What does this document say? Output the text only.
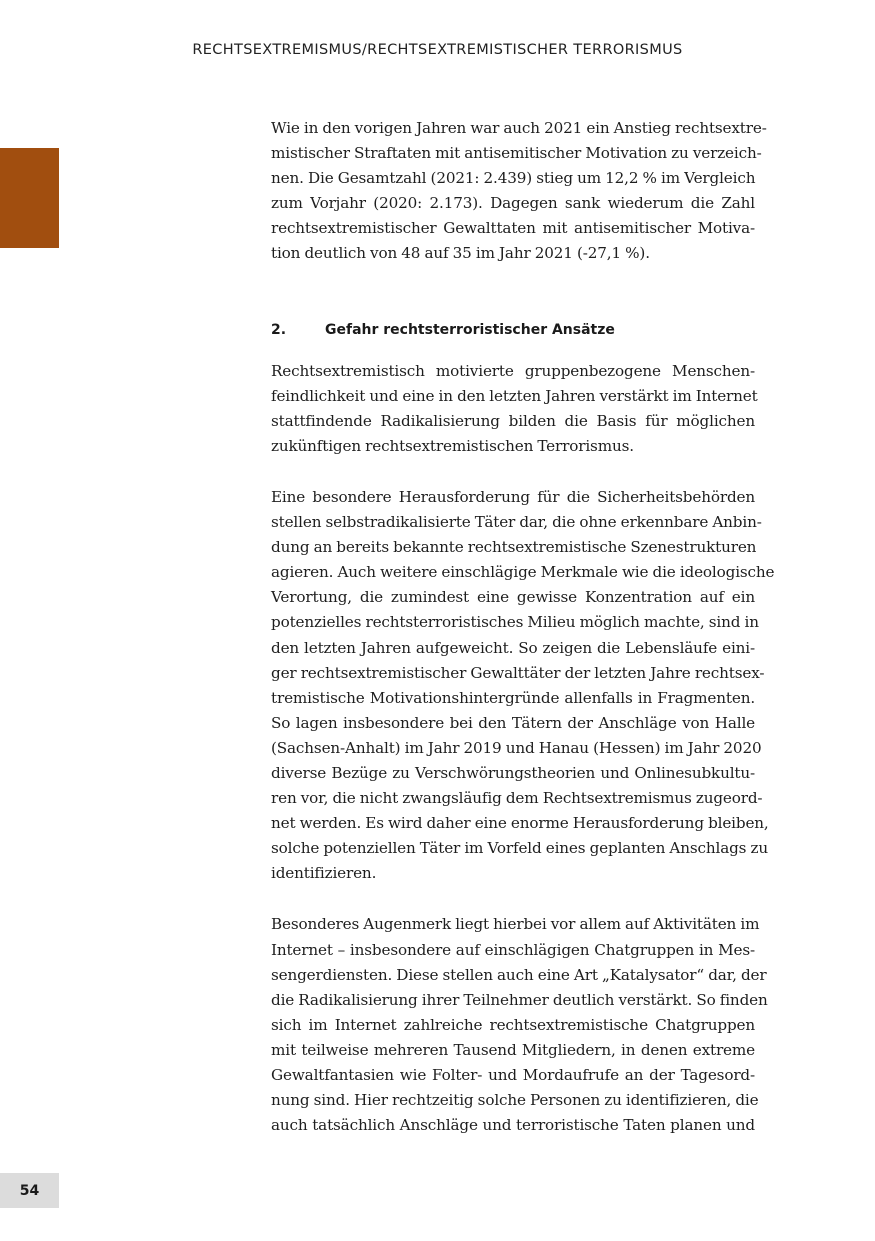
RECHTSEXTREMISMUS/RECHTSEXTREMISTISCHER TERRORISMUS
54

Wie in den vorigen Jahren war auch 2021 ein Anstieg rechtsextre-
mistischer Straftaten mit antisemitischer Motivation zu verzeich-
nen. Die Gesamtzahl (2021: 2.439) stieg um 12,2 % im Vergleich
zum Vorjahr (2020: 2.173). Dagegen sank wiederum die Zahl
rechtsextremistischer Gewalttaten mit antisemitischer Motiva-
tion deutlich von 48 auf 35 im Jahr 2021 (-27,1 %).

2.	Gefahr rechtsterroristischer Ansätze

Rechtsextremistisch motivierte gruppenbezogene Menschen-
feindlichkeit und eine in den letzten Jahren verstärkt im Internet
stattfindende Radikalisierung bilden die Basis für möglichen
zukünftigen rechtsextremistischen Terrorismus.

Eine besondere Herausforderung für die Sicherheitsbehörden
stellen selbstradikalisierte Täter dar, die ohne erkennbare Anbin-
dung an bereits bekannte rechtsextremistische Szenestrukturen
agieren. Auch weitere einschlägige Merkmale wie die ideologische
Verortung, die zumindest eine gewisse Konzentration auf ein
potenzielles rechtsterroristisches Milieu möglich machte, sind in
den letzten Jahren aufgeweicht. So zeigen die Lebensläufe eini-
ger rechtsextremistischer Gewalttäter der letzten Jahre rechtsex-
tremistische Motivationshintergründe allenfalls in Fragmenten.
So lagen insbesondere bei den Tätern der Anschläge von Halle
(Sachsen-Anhalt) im Jahr 2019 und Hanau (Hessen) im Jahr 2020
diverse Bezüge zu Verschwörungstheorien und Onlinesubkultu-
ren vor, die nicht zwangsläufig dem Rechtsextremismus zugeord-
net werden. Es wird daher eine enorme Herausforderung bleiben,
solche potenziellen Täter im Vorfeld eines geplanten Anschlags zu
identifizieren.

Besonderes Augenmerk liegt hierbei vor allem auf Aktivitäten im
Internet – insbesondere auf einschlägigen Chatgruppen in Mes-
sengerdiensten. Diese stellen auch eine Art „Katalysator“ dar, der
die Radikalisierung ihrer Teilnehmer deutlich verstärkt. So finden
sich im Internet zahlreiche rechtsextremistische Chatgruppen
mit teilweise mehreren Tausend Mitgliedern, in denen extreme
Gewaltfantasien wie Folter- und Mordaufrufe an der Tagesord-
nung sind. Hier rechtzeitig solche Personen zu identifizieren, die
auch tatsächlich Anschläge und terroristische Taten planen und
